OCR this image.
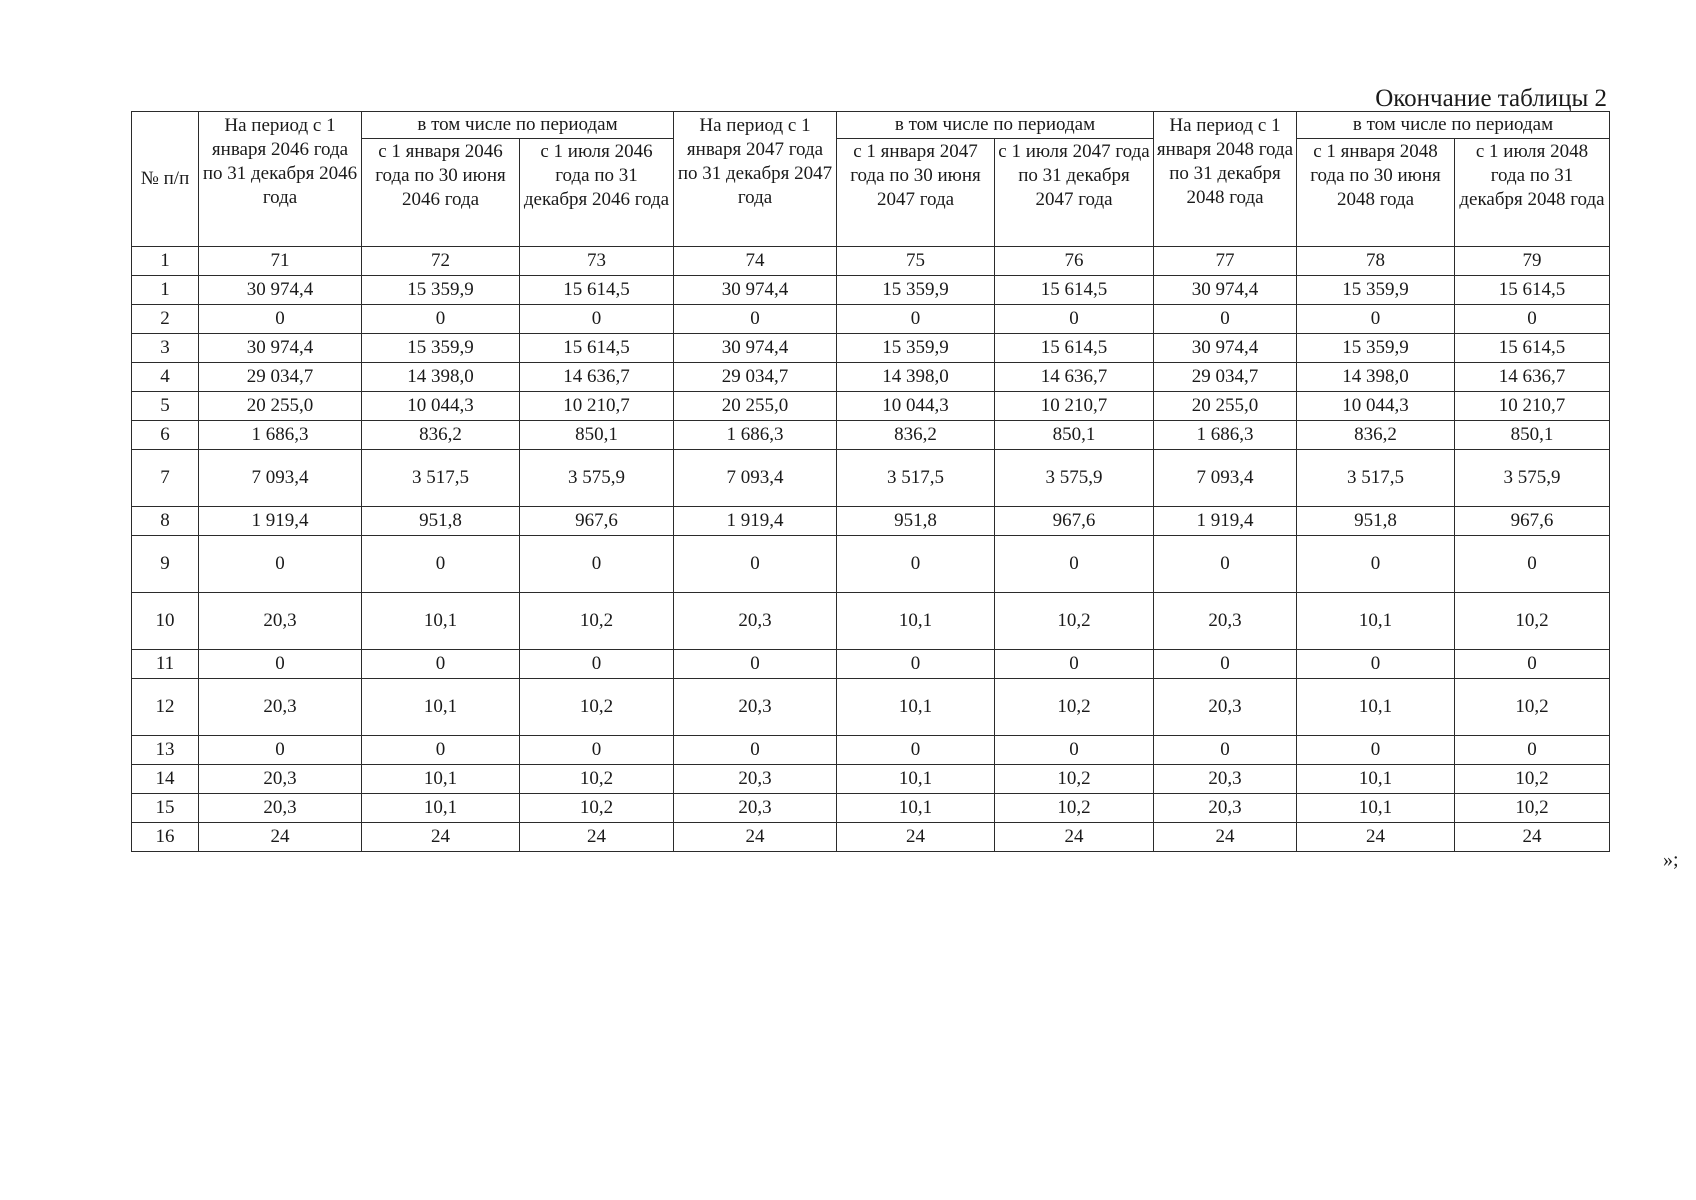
Окончание таблицы 2
№ п/п	На период с 1 января 2046 года по 31 декабря 2046 года	в том числе по периодам		На период с 1 января 2047 года по 31 декабря 2047 года	в том числе по периодам		На период с 1 января 2048 года по 31 декабря 2048 года	в том числе по периодам	
		с 1 января 2046 года по 30 июня 2046 года	с 1 июля 2046 года по 31 декабря 2046 года		с 1 января 2047 года по 30 июня 2047 года	с 1 июля 2047 года по 31 декабря 2047 года		с 1 января 2048 года по 30 июня 2048 года	с 1 июля 2048 года по 31 декабря 2048 года
1	71	72	73	74	75	76	77	78	79
1	30 974,4	15 359,9	15 614,5	30 974,4	15 359,9	15 614,5	30 974,4	15 359,9	15 614,5
2	0	0	0	0	0	0	0	0	0
3	30 974,4	15 359,9	15 614,5	30 974,4	15 359,9	15 614,5	30 974,4	15 359,9	15 614,5
4	29 034,7	14 398,0	14 636,7	29 034,7	14 398,0	14 636,7	29 034,7	14 398,0	14 636,7
5	20 255,0	10 044,3	10 210,7	20 255,0	10 044,3	10 210,7	20 255,0	10 044,3	10 210,7
6	1 686,3	836,2	850,1	1 686,3	836,2	850,1	1 686,3	836,2	850,1
7	7 093,4	3 517,5	3 575,9	7 093,4	3 517,5	3 575,9	7 093,4	3 517,5	3 575,9
8	1 919,4	951,8	967,6	1 919,4	951,8	967,6	1 919,4	951,8	967,6
9	0	0	0	0	0	0	0	0	0
10	20,3	10,1	10,2	20,3	10,1	10,2	20,3	10,1	10,2
11	0	0	0	0	0	0	0	0	0
12	20,3	10,1	10,2	20,3	10,1	10,2	20,3	10,1	10,2
13	0	0	0	0	0	0	0	0	0
14	20,3	10,1	10,2	20,3	10,1	10,2	20,3	10,1	10,2
15	20,3	10,1	10,2	20,3	10,1	10,2	20,3	10,1	10,2
16	24	24	24	24	24	24	24	24	24
»;
